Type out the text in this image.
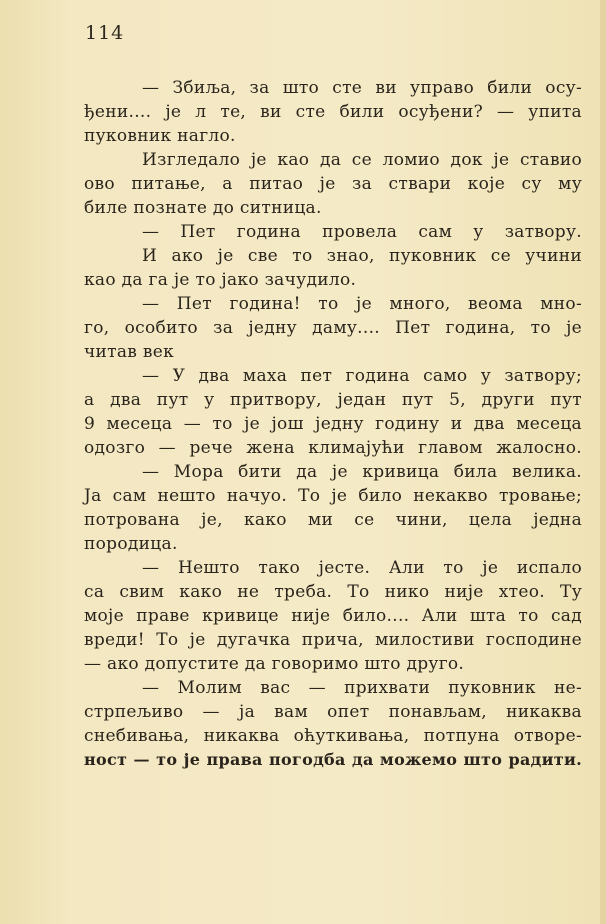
114
— Збиља, за што сте ви управо били осу-
ђени.... је л те, ви сте били осуђени? — упита
пуковник нагло.
Изгледало је као да се ломио док је ставио
ово питање, а питао је за ствари које су му
биле познате до ситница.
— Пет година провела сам у затвору.
И ако је све то знао, пуковник се учини
као да га је то јако зачудило.
— Пет година! то је много, веома мно-
го, особито за једну даму.... Пет година, то је
читав век
— У два маха пет година само у затвору;
а два пут у притвору, један пут 5, други пут
9 месеца — то је још једну годину и два месеца
одозго — рече жена климајући главом жалосно.
— Мора бити да је кривица била велика.
Ја сам нешто начуо. То је било некакво тровање;
потрована је, како ми се чини, цела једна
породица.
— Нешто тако јесте. Али то је испало
са свим како не треба. То нико није хтео. Ту
моје праве кривице није било.... Али шта то сад
вреди! То је дугачка прича, милостиви господине
— ако допустите да говоримо што друго.
— Молим вас — прихвати пуковник не-
стрпељиво — ја вам опет понављам, никаква
снебивања, никаква оћуткивања, потпуна отворе-
ност — то је права погодба да можемо што радити.
